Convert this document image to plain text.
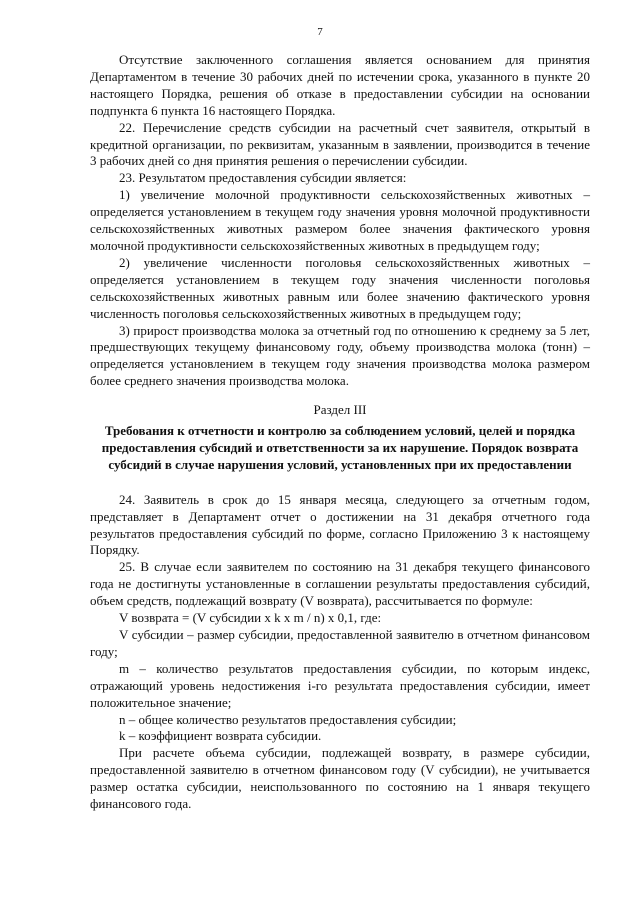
7

Отсутствие заключенного соглашения является основанием для принятия Департаментом в течение 30 рабочих дней по истечении срока, указанного в пункте 20 настоящего Порядка, решения об отказе в предоставлении субсидии на основании подпункта 6 пункта 16 настоящего Порядка.

22. Перечисление средств субсидии на расчетный счет заявителя, открытый в кредитной организации, по реквизитам, указанным в заявлении, производится в течение 3 рабочих дней со дня принятия решения о перечислении субсидии.

23. Результатом предоставления субсидии является:

1) увеличение молочной продуктивности сельскохозяйственных животных – определяется установлением в текущем году значения уровня молочной продуктивности сельскохозяйственных животных размером более значения фактического уровня молочной продуктивности сельскохозяйственных животных в предыдущем году;

2) увеличение численности поголовья сельскохозяйственных животных – определяется установлением в текущем году значения численности поголовья сельскохозяйственных животных равным или более значению фактического уровня численность поголовья сельскохозяйственных животных в предыдущем году;

3) прирост производства молока за отчетный год по отношению к среднему за 5 лет, предшествующих текущему финансовому году, объему производства молока (тонн) – определяется установлением в текущем году значения производства молока размером более среднего значения производства молока.

Раздел III

Требования к отчетности и контролю за соблюдением условий, целей и порядка предоставления субсидий и ответственности за их нарушение. Порядок возврата субсидий в случае нарушения условий, установленных при их предоставлении

24. Заявитель в срок до 15 января месяца, следующего за отчетным годом, представляет в Департамент отчет о достижении на 31 декабря отчетного года результатов предоставления субсидий по форме, согласно Приложению 3 к настоящему Порядку.

25. В случае если заявителем по состоянию на 31 декабря текущего финансового года не достигнуты установленные в соглашении результаты предоставления субсидий, объем средств, подлежащий возврату (V возврата), рассчитывается по формуле:

V возврата = (V субсидии x k x m / n) x 0,1, где:

V субсидии – размер субсидии, предоставленной заявителю в отчетном финансовом году;

m – количество результатов предоставления субсидии, по которым индекс, отражающий уровень недостижения i-го результата предоставления субсидии, имеет положительное значение;

n – общее количество результатов предоставления субсидии;

k – коэффициент возврата субсидии.

При расчете объема субсидии, подлежащей возврату, в размере субсидии, предоставленной заявителю в отчетном финансовом году (V субсидии), не учитывается размер остатка субсидии, неиспользованного по состоянию на 1 января текущего финансового года.
